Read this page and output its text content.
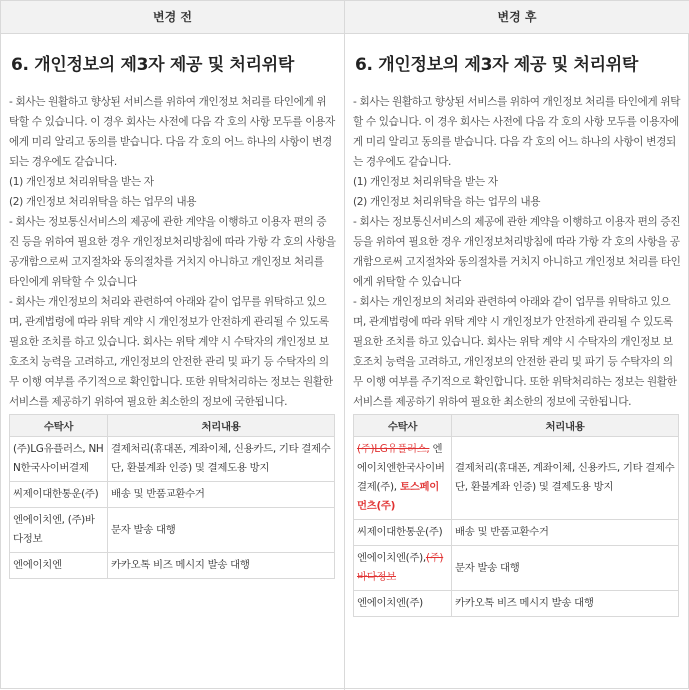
변경 전	변경 후
6. 개인정보의 제3자 제공 및 처리위탁

- 회사는 원활하고 향상된 서비스를 위하여 개인정보 처리를 타인에게 위탁할 수 있습니다. 이 경우 회사는 사전에 다음 각 호의 사항 모두를 이용자에게 미리 알리고 동의를 받습니다. 다음 각 호의 어느 하나의 사항이 변경되는 경우에도 같습니다.

(1) 개인정보 처리위탁을 받는 자

(2) 개인정보 처리위탁을 하는 업무의 내용

- 회사는 정보통신서비스의 제공에 관한 계약을 이행하고 이용자 편의 증진 등을 위하여 필요한 경우 개인정보처리방침에 따라 가항 각 호의 사항을 공개함으로써 고지절차와 동의절차를 거치지 아니하고 개인정보 처리를 타인에게 위탁할 수 있습니다

- 회사는 개인정보의 처리와 관련하여 아래와 같이 업무를 위탁하고 있으며, 관계법령에 따라 위탁 계약 시 개인정보가 안전하게 관리될 수 있도록 필요한 조치를 하고 있습니다. 회사는 위탁 계약 시 수탁자의 개인정보 보호조치 능력을 고려하고, 개인정보의 안전한 관리 및 파기 등 수탁자의 의무 이행 여부를 주기적으로 확인합니다. 또한 위탁처리하는 정보는 원활한 서비스를 제공하기 위하여 필요한 최소한의 정보에 국한됩니다.

수탁사	처리내용
(주)LG유플러스, NHN한국사이버결제	결제처리(휴대폰, 계좌이체, 신용카드, 기타 결제수단, 환불계좌 인증) 및 결제도용 방지
씨제이대한통운(주)	배송 및 반품교환수거
엔에이치엔, (주)바다정보	문자 발송 대행
엔에이치엔	카카오톡 비즈 메시지 발송 대행
6. 개인정보의 제3자 제공 및 처리위탁

- 회사는 원활하고 향상된 서비스를 위하여 개인정보 처리를 타인에게 위탁할 수 있습니다. 이 경우 회사는 사전에 다음 각 호의 사항 모두를 이용자에게 미리 알리고 동의를 받습니다. 다음 각 호의 어느 하나의 사항이 변경되는 경우에도 같습니다.

(1) 개인정보 처리위탁을 받는 자

(2) 개인정보 처리위탁을 하는 업무의 내용

- 회사는 정보통신서비스의 제공에 관한 계약을 이행하고 이용자 편의 증진 등을 위하여 필요한 경우 개인정보처리방침에 따라 가항 각 호의 사항을 공개함으로써 고지절차와 동의절차를 거치지 아니하고 개인정보 처리를 타인에게 위탁할 수 있습니다

- 회사는 개인정보의 처리와 관련하여 아래와 같이 업무를 위탁하고 있으며, 관계법령에 따라 위탁 계약 시 개인정보가 안전하게 관리될 수 있도록 필요한 조치를 하고 있습니다. 회사는 위탁 계약 시 수탁자의 개인정보 보호조치 능력을 고려하고, 개인정보의 안전한 관리 및 파기 등 수탁자의 의무 이행 여부를 주기적으로 확인합니다. 또한 위탁처리하는 정보는 원활한 서비스를 제공하기 위하여 필요한 최소한의 정보에 국한됩니다.

수탁사	처리내용
(주)LG유플러스, 엔에이치엔한국사이버결제(주), 토스페이먼츠(주)	결제처리(휴대폰, 계좌이체, 신용카드, 기타 결제수단, 환불계좌 인증) 및 결제도용 방지
씨제이대한통운(주)	배송 및 반품교환수거
엔에이치엔(주),(주)바다정보	문자 발송 대행
엔에이치엔(주)	카카오톡 비즈 메시지 발송 대행
